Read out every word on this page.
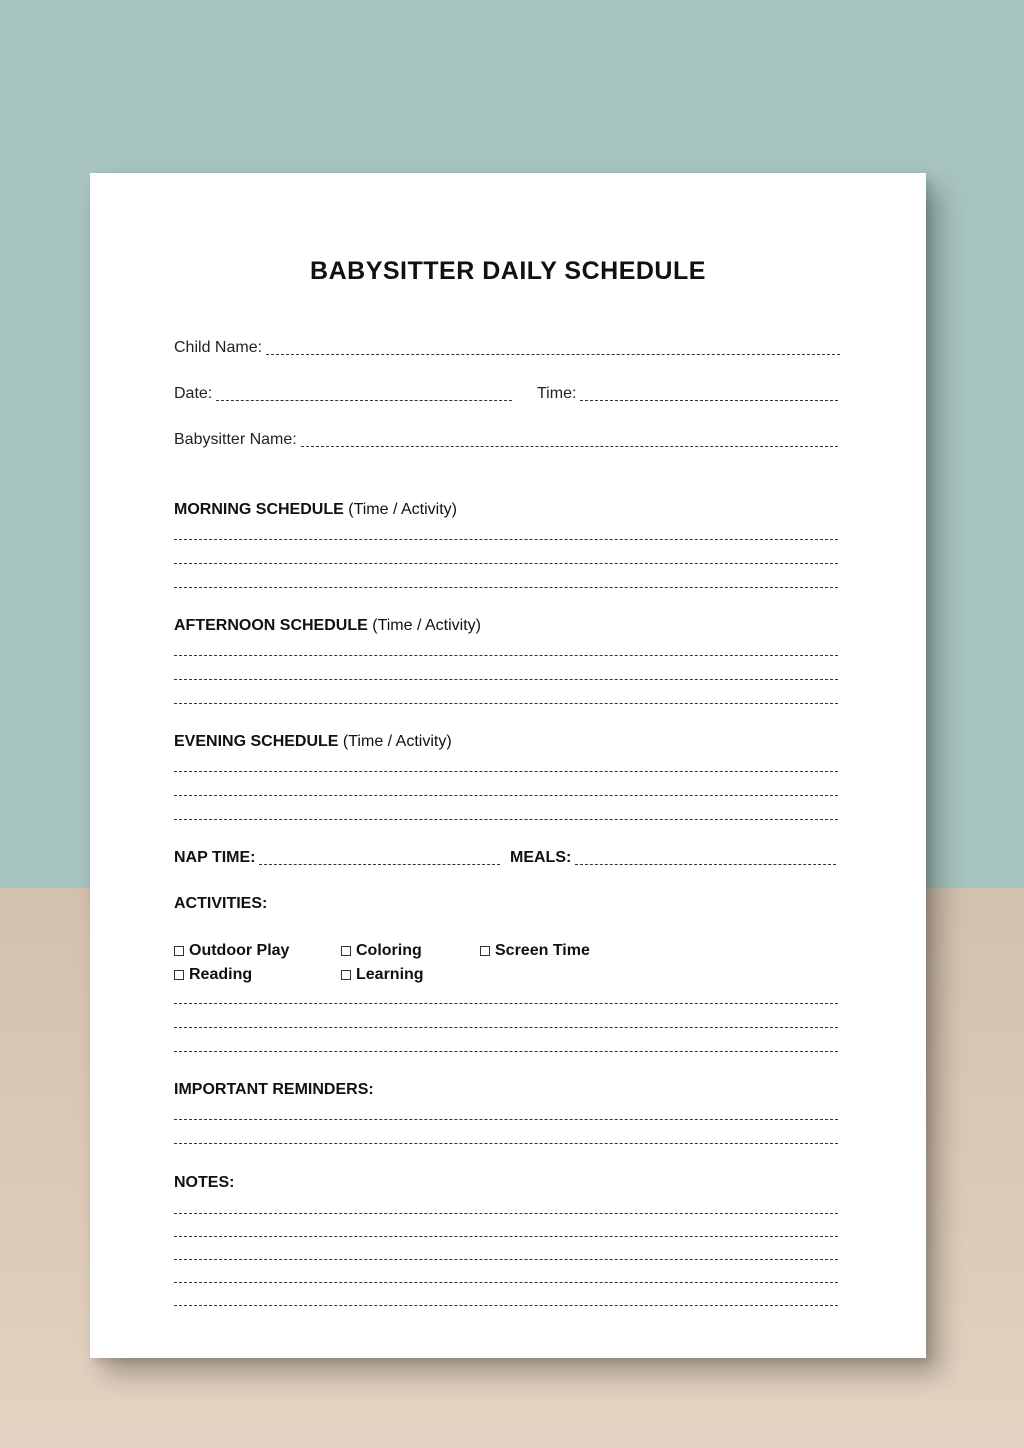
BABYSITTER DAILY SCHEDULE
Child Name:
Date:	Time:
Babysitter Name:
MORNING SCHEDULE (Time / Activity)
AFTERNOON SCHEDULE (Time / Activity)
EVENING SCHEDULE (Time / Activity)
NAP TIME:	MEALS:
ACTIVITIES:
Outdoor Play	Coloring	Screen Time
Reading	Learning
IMPORTANT REMINDERS:
NOTES:
